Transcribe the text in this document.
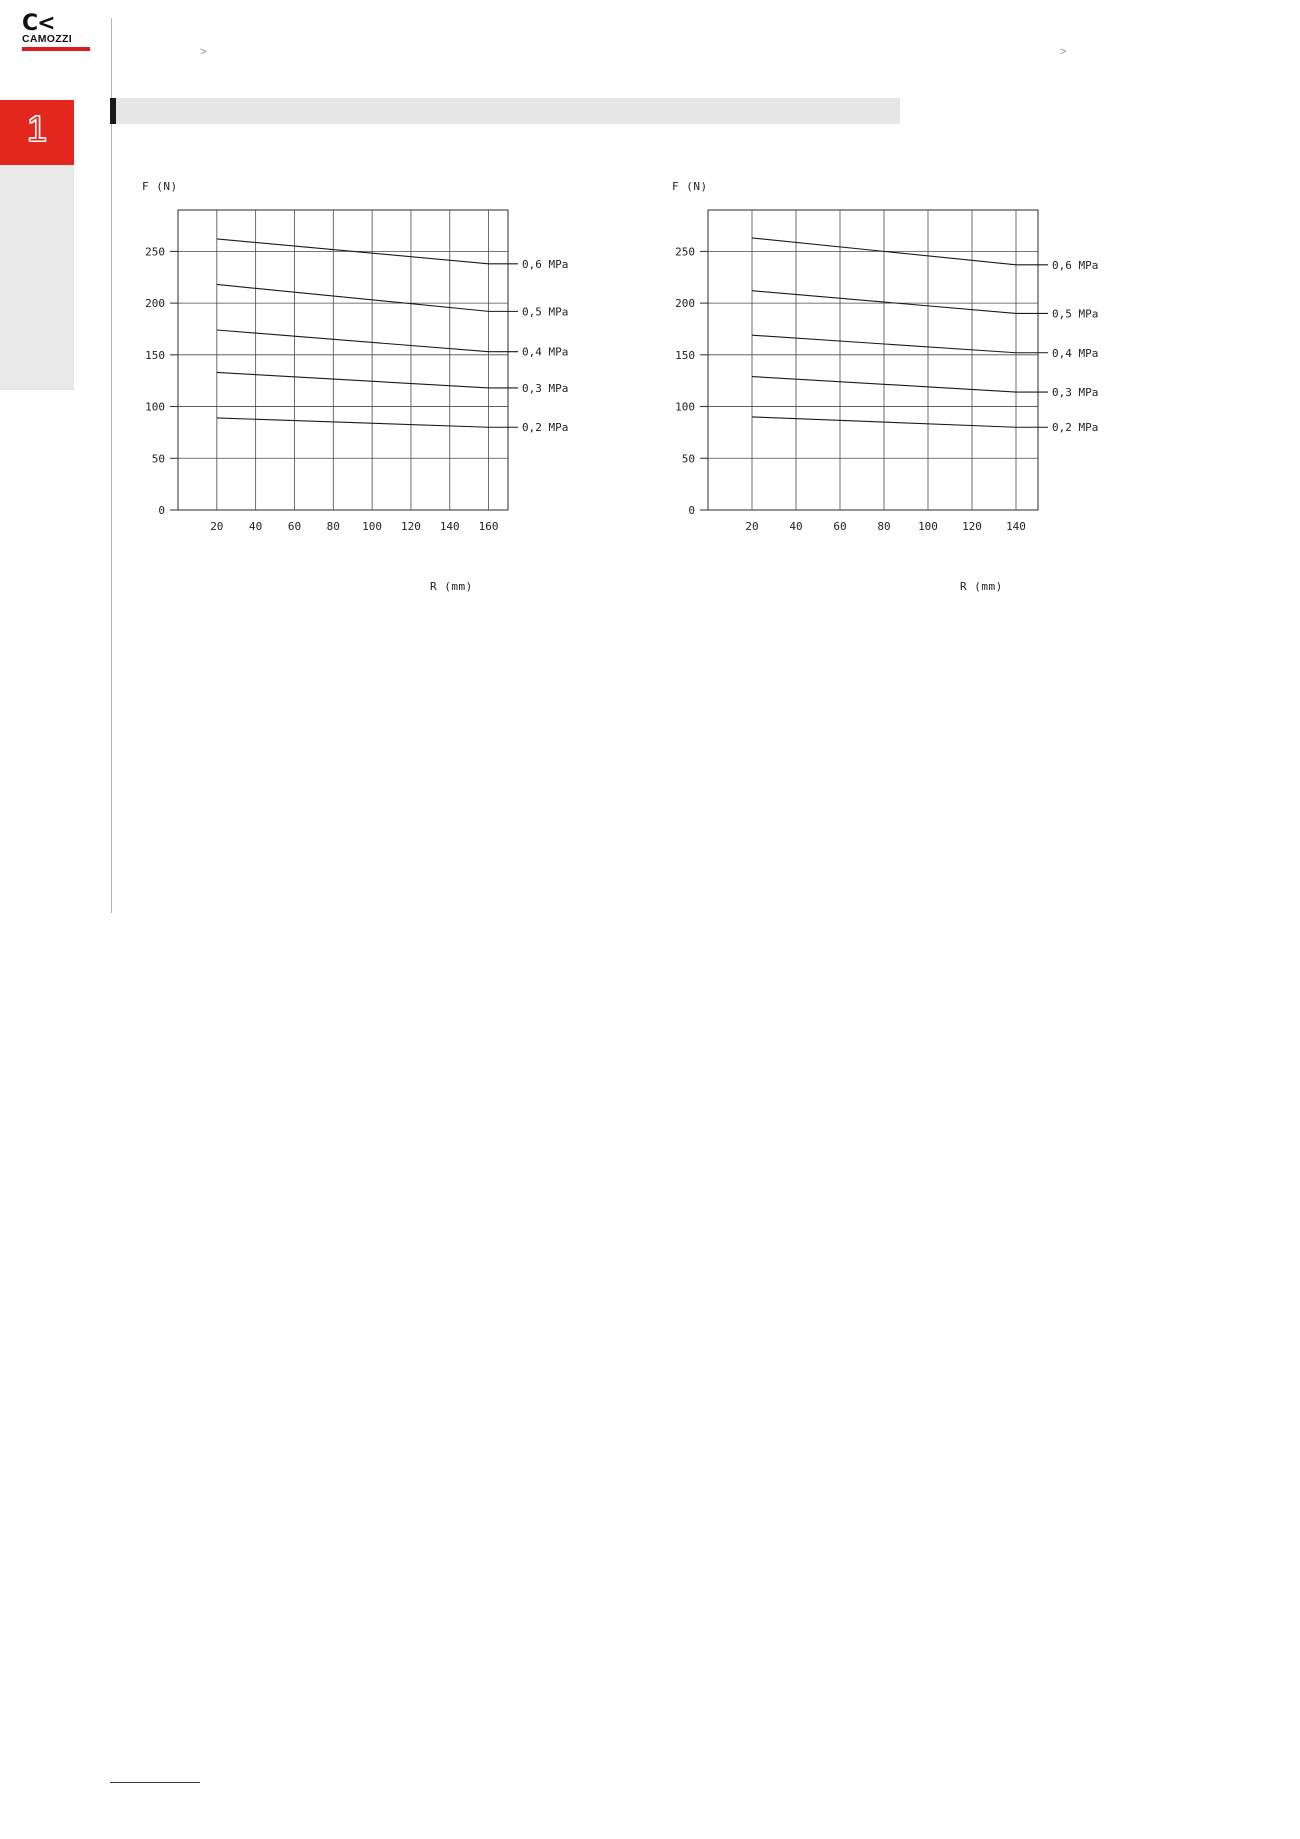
C<
CAMOZZI
1
>	>
F (N)
20 40 60 80 100 120 140 160
0
50
100
150
200
250
0,6 MPa
0,5 MPa
0,4 MPa
0,3 MPa
0,2 MPa
R (mm)
F (N)
20	40	60	80 100 120 140
0
50
100
150
200
250
0,6 MPa
0,5 MPa
0,4 MPa
0,3 MPa
0,2 MPa
R (mm)
